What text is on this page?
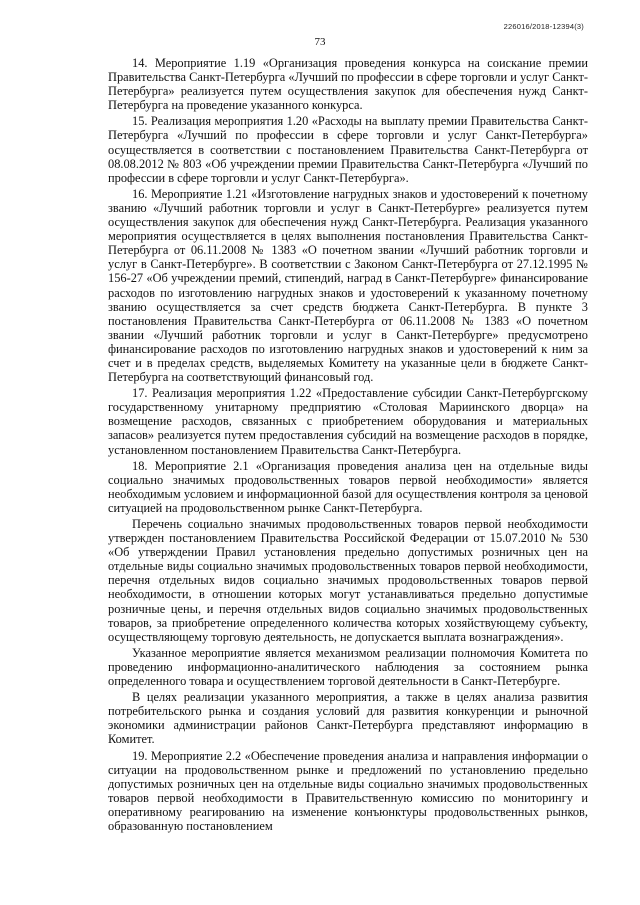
226016/2018-12394(3)
73

14. Мероприятие 1.19 «Организация проведения конкурса на соискание премии Правительства Санкт-Петербурга «Лучший по профессии в сфере торговли и услуг Санкт-Петербурга» реализуется путем осуществления закупок для обеспечения нужд Санкт-Петербурга на проведение указанного конкурса.

15. Реализация мероприятия 1.20 «Расходы на выплату премии Правительства Санкт-Петербурга «Лучший по профессии в сфере торговли и услуг Санкт-Петербурга» осуществляется в соответствии с постановлением Правительства Санкт-Петербурга от 08.08.2012 № 803 «Об учреждении премии Правительства Санкт-Петербурга «Лучший по профессии в сфере торговли и услуг Санкт-Петербурга».

16. Мероприятие 1.21 «Изготовление нагрудных знаков и удостоверений к почетному званию «Лучший работник торговли и услуг в Санкт-Петербурге» реализуется путем осуществления закупок для обеспечения нужд Санкт-Петербурга. Реализация указанного мероприятия осуществляется в целях выполнения постановления Правительства Санкт-Петербурга от 06.11.2008 № 1383 «О почетном звании «Лучший работник торговли и услуг в Санкт-Петербурге». В соответствии с Законом Санкт-Петербурга от 27.12.1995 № 156-27 «Об учреждении премий, стипендий, наград в Санкт-Петербурге» финансирование расходов по изготовлению нагрудных знаков и удостоверений к указанному почетному званию осуществляется за счет средств бюджета Санкт-Петербурга. В пункте 3 постановления Правительства Санкт-Петербурга от 06.11.2008 № 1383 «О почетном звании «Лучший работник торговли и услуг в Санкт-Петербурге» предусмотрено финансирование расходов по изготовлению нагрудных знаков и удостоверений к ним за счет и в пределах средств, выделяемых Комитету на указанные цели в бюджете Санкт-Петербурга на соответствующий финансовый год.

17. Реализация мероприятия 1.22 «Предоставление субсидии Санкт-Петербургскому государственному унитарному предприятию «Столовая Мариинского дворца» на возмещение расходов, связанных с приобретением оборудования и материальных запасов» реализуется путем предоставления субсидий на возмещение расходов в порядке, установленном постановлением Правительства Санкт-Петербурга.

18. Мероприятие 2.1 «Организация проведения анализа цен на отдельные виды социально значимых продовольственных товаров первой необходимости» является необходимым условием и информационной базой для осуществления контроля за ценовой ситуацией на продовольственном рынке Санкт-Петербурга.

Перечень социально значимых продовольственных товаров первой необходимости утвержден постановлением Правительства Российской Федерации от 15.07.2010 № 530 «Об утверждении Правил установления предельно допустимых розничных цен на отдельные виды социально значимых продовольственных товаров первой необходимости, перечня отдельных видов социально значимых продовольственных товаров первой необходимости, в отношении которых могут устанавливаться предельно допустимые розничные цены, и перечня отдельных видов социально значимых продовольственных товаров, за приобретение определенного количества которых хозяйствующему субъекту, осуществляющему торговую деятельность, не допускается выплата вознаграждения».

Указанное мероприятие является механизмом реализации полномочия Комитета по проведению информационно-аналитического наблюдения за состоянием рынка определенного товара и осуществлением торговой деятельности в Санкт-Петербурге.

В целях реализации указанного мероприятия, а также в целях анализа развития потребительского рынка и создания условий для развития конкуренции и рыночной экономики администрации районов Санкт-Петербурга представляют информацию в Комитет.

19. Мероприятие 2.2 «Обеспечение проведения анализа и направления информации о ситуации на продовольственном рынке и предложений по установлению предельно допустимых розничных цен на отдельные виды социально значимых продовольственных товаров первой необходимости в Правительственную комиссию по мониторингу и оперативному реагированию на изменение конъюнктуры продовольственных рынков, образованную постановлением
